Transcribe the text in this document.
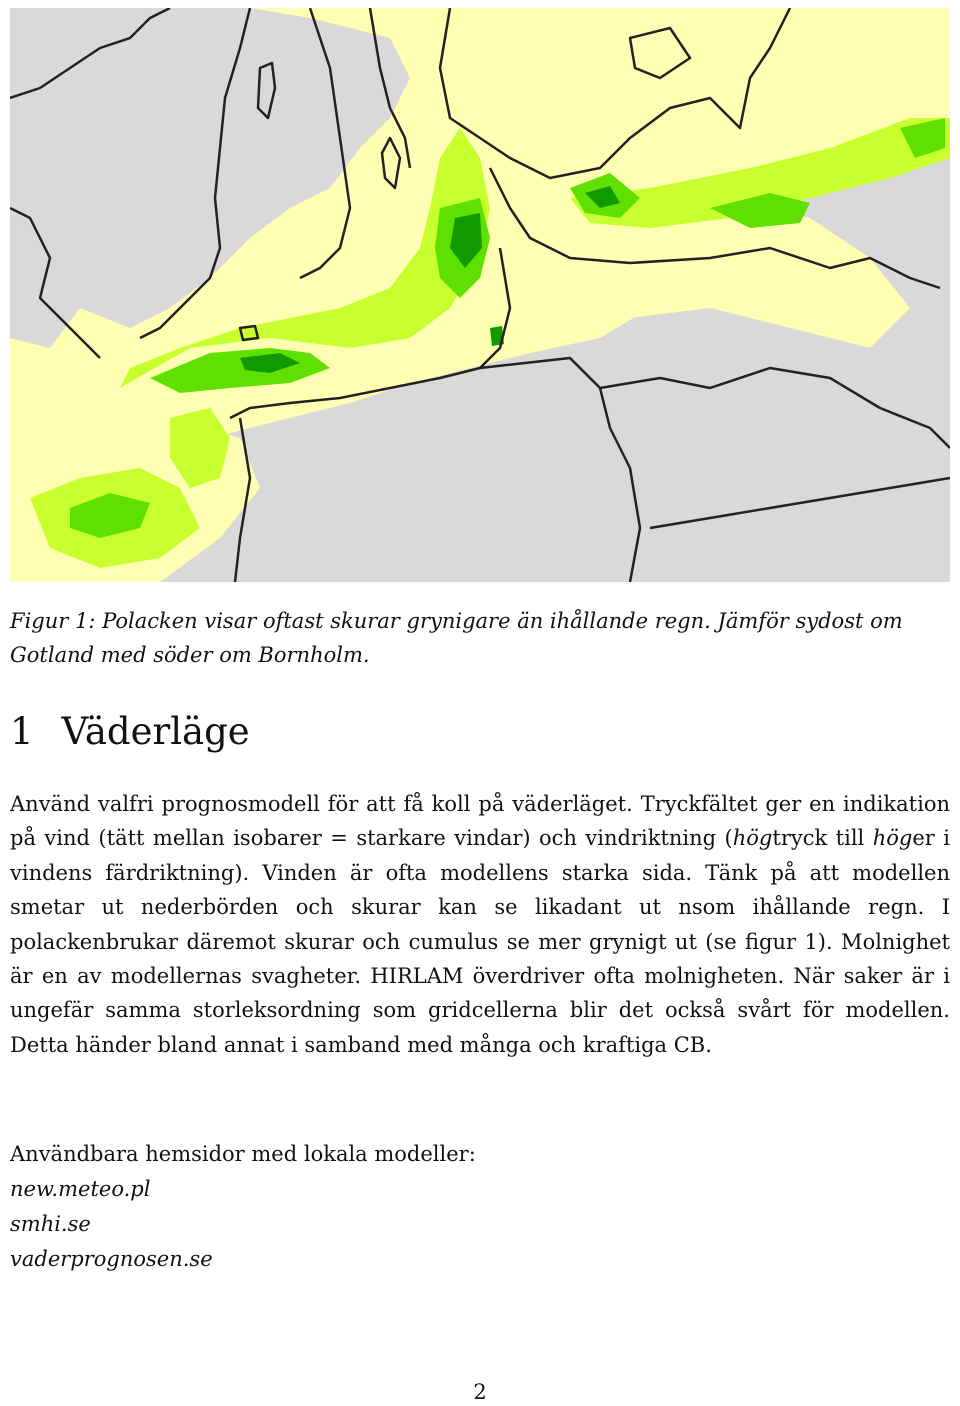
Figur 1: Polacken visar oftast skurar grynigare än ihållande regn. Jämför sydost om Gotland med söder om Bornholm.
1 Väderläge

Använd valfri prognosmodell för att få koll på väderläget. Tryckfältet ger en indikation på vind (tätt mellan isobarer = starkare vindar) och vindriktning (högtryck till höger i vindens färdriktning). Vinden är ofta modellens starka sida. Tänk på att modellen smetar ut nederbörden och skurar kan se likadant ut nsom ihållande regn. I polackenbrukar däremot skurar och cumulus se mer grynigt ut (se figur 1). Molnighet är en av modellernas svagheter. HIRLAM överdriver ofta molnigheten. När saker är i ungefär samma storleksordning som gridcellerna blir det också svårt för modellen. Detta händer bland annat i samband med många och kraftiga CB.

Användbara hemsidor med lokala modeller:
new.meteo.pl
smhi.se
vaderprognosen.se
2
